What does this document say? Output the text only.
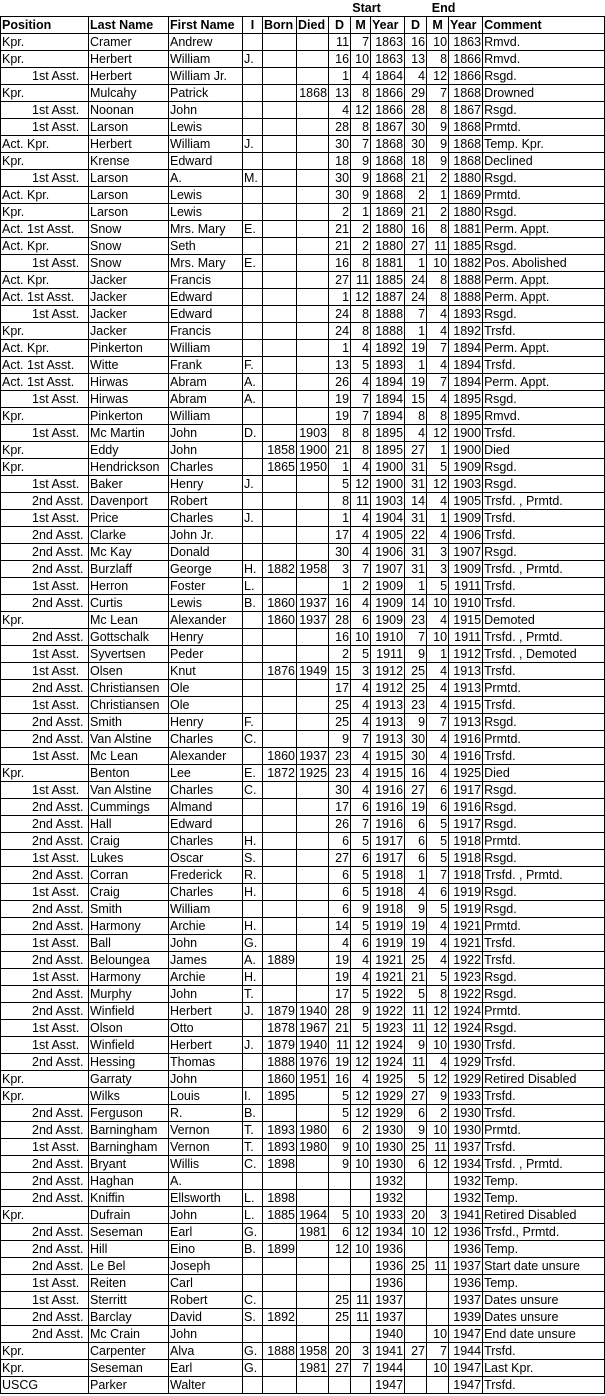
						Start			End			
Position	Last Name	First Name	I	Born	Died	D	M	Year	D	M	Year	Comment
Kpr.	Cramer	Andrew				11	7	1863	16	10	1863	Rmvd.
Kpr.	Herbert	William	J.			16	10	1863	13	8	1866	Rmvd.
1st Asst.	Herbert	William Jr.				1	4	1864	4	12	1866	Rsgd.
Kpr.	Mulcahy	Patrick			1868	13	8	1866	29	7	1868	Drowned
1st Asst.	Noonan	John				4	12	1866	28	8	1867	Rsgd.
1st Asst.	Larson	Lewis				28	8	1867	30	9	1868	Prmtd.
Act. Kpr.	Herbert	William	J.			30	7	1868	30	9	1868	Temp. Kpr.
Kpr.	Krense	Edward				18	9	1868	18	9	1868	Declined
1st Asst.	Larson	A.	M.			30	9	1868	21	2	1880	Rsgd.
Act. Kpr.	Larson	Lewis				30	9	1868	2	1	1869	Prmtd.
Kpr.	Larson	Lewis				2	1	1869	21	2	1880	Rsgd.
Act. 1st Asst.	Snow	Mrs. Mary	E.			21	2	1880	16	8	1881	Perm. Appt.
Act. Kpr.	Snow	Seth				21	2	1880	27	11	1885	Rsgd.
1st Asst.	Snow	Mrs. Mary	E.			16	8	1881	1	10	1882	Pos. Abolished
Act. Kpr.	Jacker	Francis				27	11	1885	24	8	1888	Perm. Appt.
Act. 1st Asst.	Jacker	Edward				1	12	1887	24	8	1888	Perm. Appt.
1st Asst.	Jacker	Edward				24	8	1888	7	4	1893	Rsgd.
Kpr.	Jacker	Francis				24	8	1888	1	4	1892	Trsfd.
Act. Kpr.	Pinkerton	William				1	4	1892	19	7	1894	Perm. Appt.
Act. 1st Asst.	Witte	Frank	F.			13	5	1893	1	4	1894	Trsfd.
Act. 1st Asst.	Hirwas	Abram	A.			26	4	1894	19	7	1894	Perm. Appt.
1st Asst.	Hirwas	Abram	A.			19	7	1894	15	4	1895	Rsgd.
Kpr.	Pinkerton	William				19	7	1894	8	8	1895	Rmvd.
1st Asst.	Mc Martin	John	D.		1903	8	8	1895	4	12	1900	Trsfd.
Kpr.	Eddy	John		1858	1900	21	8	1895	27	1	1900	Died
Kpr.	Hendrickson	Charles		1865	1950	1	4	1900	31	5	1909	Rsgd.
1st Asst.	Baker	Henry	J.			5	12	1900	31	12	1903	Rsgd.
2nd Asst.	Davenport	Robert				8	11	1903	14	4	1905	Trsfd. , Prmtd.
1st Asst.	Price	Charles	J.			1	4	1904	31	1	1909	Trsfd.
2nd Asst.	Clarke	John Jr.				17	4	1905	22	4	1906	Trsfd.
2nd Asst.	Mc Kay	Donald				30	4	1906	31	3	1907	Rsgd.
2nd Asst.	Burzlaff	George	H.	1882	1958	3	7	1907	31	3	1909	Trsfd. , Prmtd.
1st Asst.	Herron	Foster	L.			1	2	1909	1	5	1911	Trsfd.
2nd Asst.	Curtis	Lewis	B.	1860	1937	16	4	1909	14	10	1910	Trsfd.
Kpr.	Mc Lean	Alexander		1860	1937	28	6	1909	23	4	1915	Demoted
2nd Asst.	Gottschalk	Henry				16	10	1910	7	10	1911	Trsfd. , Prmtd.
1st Asst.	Syvertsen	Peder				2	5	1911	9	1	1912	Trsfd. , Demoted
1st Asst.	Olsen	Knut		1876	1949	15	3	1912	25	4	1913	Trsfd.
2nd Asst.	Christiansen	Ole				17	4	1912	25	4	1913	Prmtd.
1st Asst.	Christiansen	Ole				25	4	1913	23	4	1915	Trsfd.
2nd Asst.	Smith	Henry	F.			25	4	1913	9	7	1913	Rsgd.
2nd Asst.	Van Alstine	Charles	C.			9	7	1913	30	4	1916	Prmtd.
1st Asst.	Mc Lean	Alexander		1860	1937	23	4	1915	30	4	1916	Trsfd.
Kpr.	Benton	Lee	E.	1872	1925	23	4	1915	16	4	1925	Died
1st Asst.	Van Alstine	Charles	C.			30	4	1916	27	6	1917	Rsgd.
2nd Asst.	Cummings	Almand				17	6	1916	19	6	1916	Rsgd.
2nd Asst.	Hall	Edward				26	7	1916	6	5	1917	Rsgd.
2nd Asst.	Craig	Charles	H.			6	5	1917	6	5	1918	Prmtd.
1st Asst.	Lukes	Oscar	S.			27	6	1917	6	5	1918	Rsgd.
2nd Asst.	Corran	Frederick	R.			6	5	1918	1	7	1918	Trsfd. , Prmtd.
1st Asst.	Craig	Charles	H.			6	5	1918	4	6	1919	Rsgd.
2nd Asst.	Smith	William				6	9	1918	9	5	1919	Rsgd.
2nd Asst.	Harmony	Archie	H.			14	5	1919	19	4	1921	Prmtd.
1st Asst.	Ball	John	G.			4	6	1919	19	4	1921	Trsfd.
2nd Asst.	Beloungea	James	A.	1889		19	4	1921	25	4	1922	Trsfd.
1st Asst.	Harmony	Archie	H.			19	4	1921	21	5	1923	Rsgd.
2nd Asst.	Murphy	John	T.			17	5	1922	5	8	1922	Rsgd.
2nd Asst.	Winfield	Herbert	J.	1879	1940	28	9	1922	11	12	1924	Prmtd.
1st Asst.	Olson	Otto		1878	1967	21	5	1923	11	12	1924	Rsgd.
1st Asst.	Winfield	Herbert	J.	1879	1940	11	12	1924	9	10	1930	Trsfd.
2nd Asst.	Hessing	Thomas		1888	1976	19	12	1924	11	4	1929	Trsfd.
Kpr.	Garraty	John		1860	1951	16	4	1925	5	12	1929	Retired Disabled
Kpr.	Wilks	Louis	I.	1895		5	12	1929	27	9	1933	Trsfd.
2nd Asst.	Ferguson	R.	B.			5	12	1929	6	2	1930	Trsfd.
2nd Asst.	Barningham	Vernon	T.	1893	1980	6	2	1930	9	10	1930	Prmtd.
1st Asst.	Barningham	Vernon	T.	1893	1980	9	10	1930	25	11	1937	Trsfd.
2nd Asst.	Bryant	Willis	C.	1898		9	10	1930	6	12	1934	Trsfd. , Prmtd.
2nd Asst.	Haghan	A.						1932			1932	Temp.
2nd Asst.	Kniffin	Ellsworth	L.	1898				1932			1932	Temp.
Kpr.	Dufrain	John	L.	1885	1964	5	10	1933	20	3	1941	Retired Disabled
2nd Asst.	Seseman	Earl	G.		1981	6	12	1934	10	12	1936	Trsfd., Prmtd.
2nd Asst.	Hill	Eino	B.	1899		12	10	1936			1936	Temp.
2nd Asst.	Le Bel	Joseph						1936	25	11	1937	Start date unsure
1st Asst.	Reiten	Carl						1936			1936	Temp.
1st Asst.	Sterritt	Robert	C.			25	11	1937			1937	Dates unsure
2nd Asst.	Barclay	David	S.	1892		25	11	1937			1939	Dates unsure
2nd Asst.	Mc Crain	John						1940		10	1947	End date unsure
Kpr.	Carpenter	Alva	G.	1888	1958	20	3	1941	27	7	1944	Trsfd.
Kpr.	Seseman	Earl	G.		1981	27	7	1944		10	1947	Last Kpr.
USCG	Parker	Walter						1947			1947	Trsfd.
